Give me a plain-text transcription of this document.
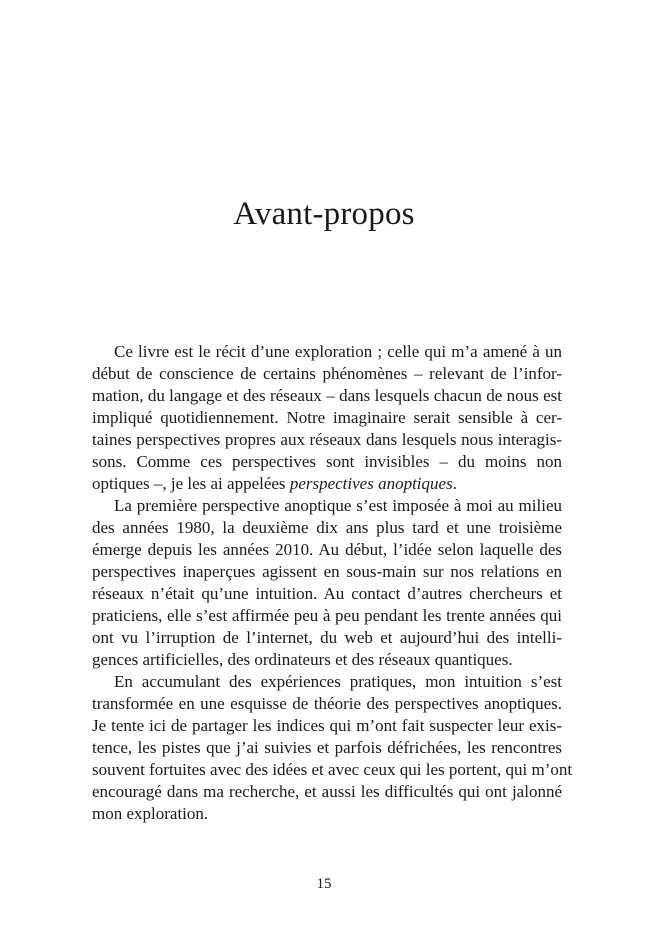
Avant-propos
Ce livre est le récit d’une exploration ; celle qui m’a amené à un
début de conscience de certains phénomènes – relevant de l’infor-
mation, du langage et des réseaux – dans lesquels chacun de nous est
impliqué quotidiennement. Notre imaginaire serait sensible à cer-
taines perspectives propres aux réseaux dans lesquels nous interagis-
sons. Comme ces perspectives sont invisibles – du moins non
optiques –, je les ai appelées perspectives anoptiques.
La première perspective anoptique s’est imposée à moi au milieu
des années 1980, la deuxième dix ans plus tard et une troisième
émerge depuis les années 2010. Au début, l’idée selon laquelle des
perspectives inaperçues agissent en sous-main sur nos relations en
réseaux n’était qu’une intuition. Au contact d’autres chercheurs et
praticiens, elle s’est affirmée peu à peu pendant les trente années qui
ont vu l’irruption de l’internet, du web et aujourd’hui des intelli-
gences artificielles, des ordinateurs et des réseaux quantiques.
En accumulant des expériences pratiques, mon intuition s’est
transformée en une esquisse de théorie des perspectives anoptiques.
Je tente ici de partager les indices qui m’ont fait suspecter leur exis-
tence, les pistes que j’ai suivies et parfois défrichées, les rencontres
souvent fortuites avec des idées et avec ceux qui les portent, qui m’ont
encouragé dans ma recherche, et aussi les difficultés qui ont jalonné
mon exploration.
15
